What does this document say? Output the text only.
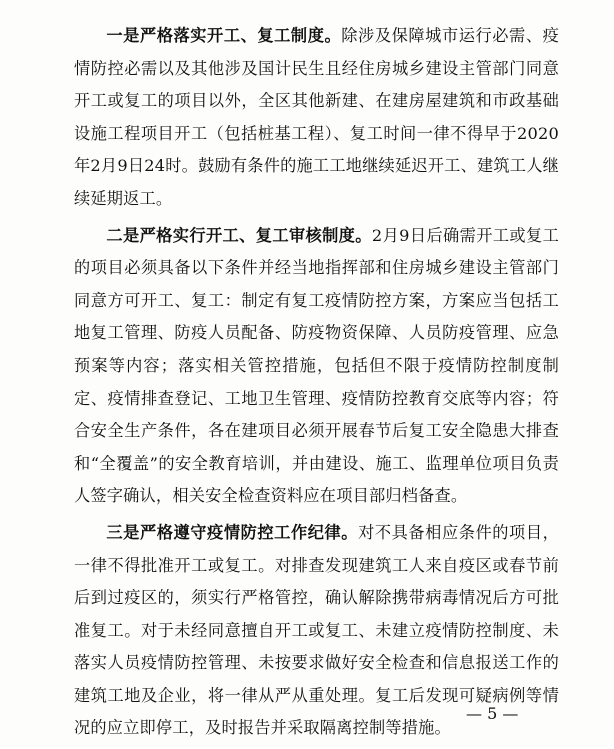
一是严格落实开工、复工制度。除涉及保障城市运行必需、疫情防控必需以及其他涉及国计民生且经住房城乡建设主管部门同意开工或复工的项目以外，全区其他新建、在建房屋建筑和市政基础设施工程项目开工（包括桩基工程）、复工时间一律不得早于2020年2月9日24时。鼓励有条件的施工工地继续延迟开工、建筑工人继续延期返工。

二是严格实行开工、复工审核制度。2月9日后确需开工或复工的项目必须具备以下条件并经当地指挥部和住房城乡建设主管部门同意方可开工、复工：制定有复工疫情防控方案，方案应当包括工地复工管理、防疫人员配备、防疫物资保障、人员防疫管理、应急预案等内容；落实相关管控措施，包括但不限于疫情防控制度制定、疫情排查登记、工地卫生管理、疫情防控教育交底等内容；符合安全生产条件，各在建项目必须开展春节后复工安全隐患大排查和“全覆盖”的安全教育培训，并由建设、施工、监理单位项目负责人签字确认，相关安全检查资料应在项目部归档备查。

三是严格遵守疫情防控工作纪律。对不具备相应条件的项目，一律不得批准开工或复工。对排查发现建筑工人来自疫区或春节前后到过疫区的，须实行严格管控，确认解除携带病毒情况后方可批准复工。对于未经同意擅自开工或复工、未建立疫情防控制度、未落实人员疫情防控管理、未按要求做好安全检查和信息报送工作的建筑工地及企业，将一律从严从重处理。复工后发现可疑病例等情况的应立即停工，及时报告并采取隔离控制等措施。

— 5 —
